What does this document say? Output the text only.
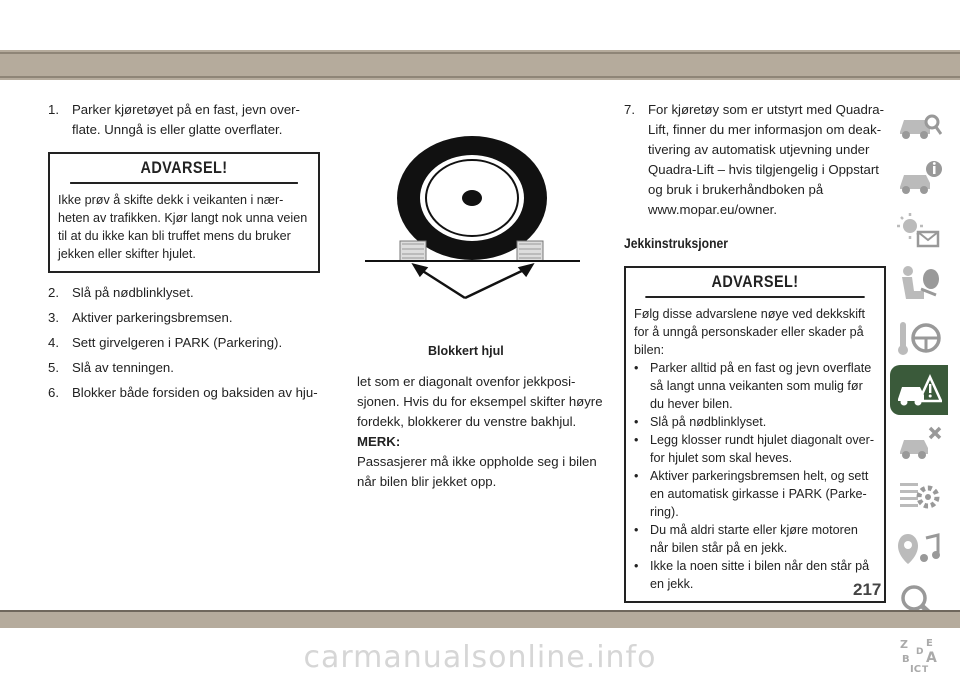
1. Parker kjøretøyet på en fast, jevn over-flate. Unngå is eller glatte overflater.
ADVARSEL!
Ikke prøv å skifte dekk i veikanten i nær-heten av trafikken. Kjør langt nok unna veien til at du ikke kan bli truffet mens du bruker jekken eller skifter hjulet.
2. Slå på nødblinklyset.
3. Aktiver parkeringsbremsen.
4. Sett girvelgeren i PARK (Parkering).
5. Slå av tenningen.
6. Blokker både forsiden og baksiden av hju-
Blokkert hjul

let som er diagonalt ovenfor jekkposi-sjonen. Hvis du for eksempel skifter høyre fordekk, blokkerer du venstre bakhjul.

MERK:

Passasjerer må ikke oppholde seg i bilen når bilen blir jekket opp.

7. For kjøretøy som er utstyrt med Quadra-Lift, finner du mer informasjon om deak-tivering av automatisk utjevning under Quadra-Lift – hvis tilgjengelig i Oppstart og bruk i brukerhåndboken på www.mopar.eu/owner.
Jekkinstruksjoner
ADVARSEL!
Følg disse advarslene nøye ved dekkskift for å unngå personskader eller skader på bilen:
• Parker alltid på en fast og jevn overflate så langt unna veikanten som mulig før du hever bilen.
• Slå på nødblinklyset.
• Legg klosser rundt hjulet diagonalt over-for hjulet som skal heves.
• Aktiver parkeringsbremsen helt, og sett en automatisk girkasse i PARK (Parke-ring).
• Du må aldri starte eller kjøre motoren når bilen står på en jekk.
• Ikke la noen sitte i bilen når den står på en jekk.
Z E
B A
IC T
D
217
carmanualsonline.info
